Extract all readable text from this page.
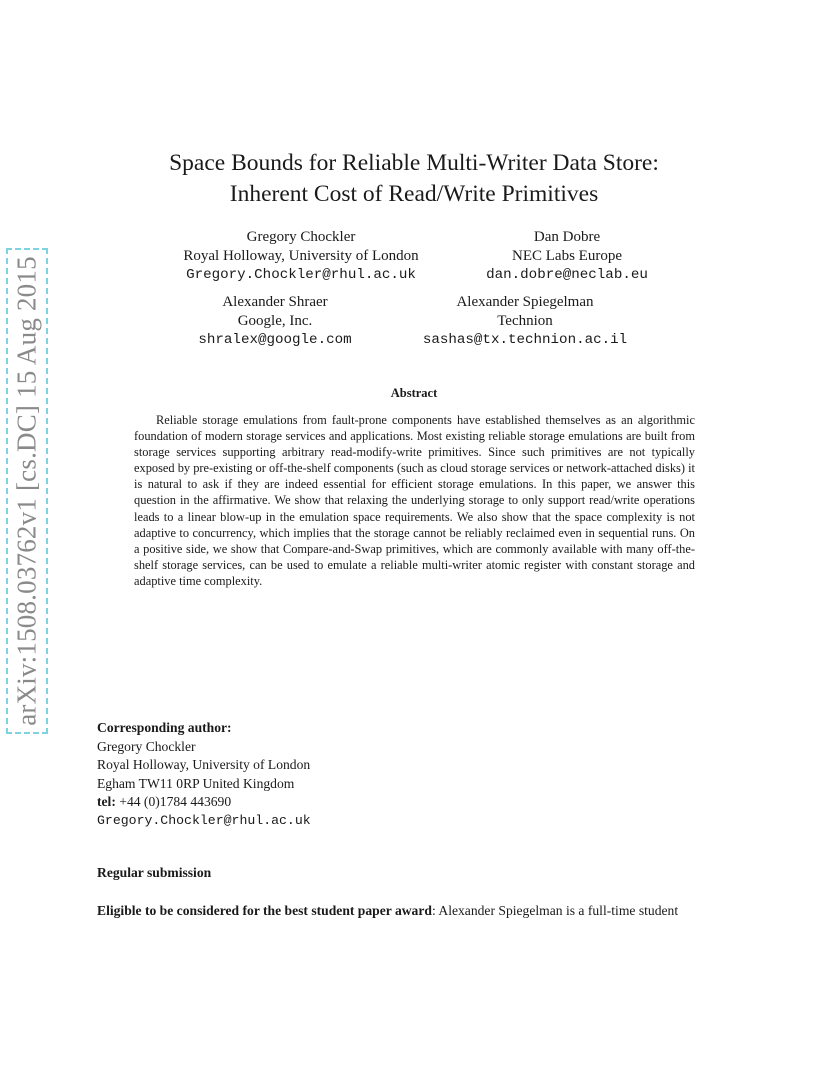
arXiv:1508.03762v1 [cs.DC] 15 Aug 2015
Space Bounds for Reliable Multi-Writer Data Store:
Inherent Cost of Read/Write Primitives
Gregory Chockler
Royal Holloway, University of London
Gregory.Chockler@rhul.ac.uk
Dan Dobre
NEC Labs Europe
dan.dobre@neclab.eu
Alexander Shraer
Google, Inc.
shralex@google.com
Alexander Spiegelman
Technion
sashas@tx.technion.ac.il
Abstract
Reliable storage emulations from fault-prone components have established themselves as an algorithmic foundation of modern storage services and applications. Most existing reliable storage emulations are built from storage services supporting arbitrary read-modify-write primitives. Since such primitives are not typically exposed by pre-existing or off-the-shelf components (such as cloud storage services or network-attached disks) it is natural to ask if they are indeed essential for efficient storage emulations. In this paper, we answer this question in the affirmative. We show that relaxing the underlying storage to only support read/write operations leads to a linear blow-up in the emulation space requirements. We also show that the space complexity is not adaptive to concurrency, which implies that the storage cannot be reliably reclaimed even in sequential runs. On a positive side, we show that Compare-and-Swap primitives, which are commonly available with many off-the-shelf storage services, can be used to emulate a reliable multi-writer atomic register with constant storage and adaptive time complexity.
Corresponding author:
Gregory Chockler
Royal Holloway, University of London
Egham TW11 0RP United Kingdom
tel: +44 (0)1784 443690
Gregory.Chockler@rhul.ac.uk
Regular submission
Eligible to be considered for the best student paper award: Alexander Spiegelman is a full-time student
